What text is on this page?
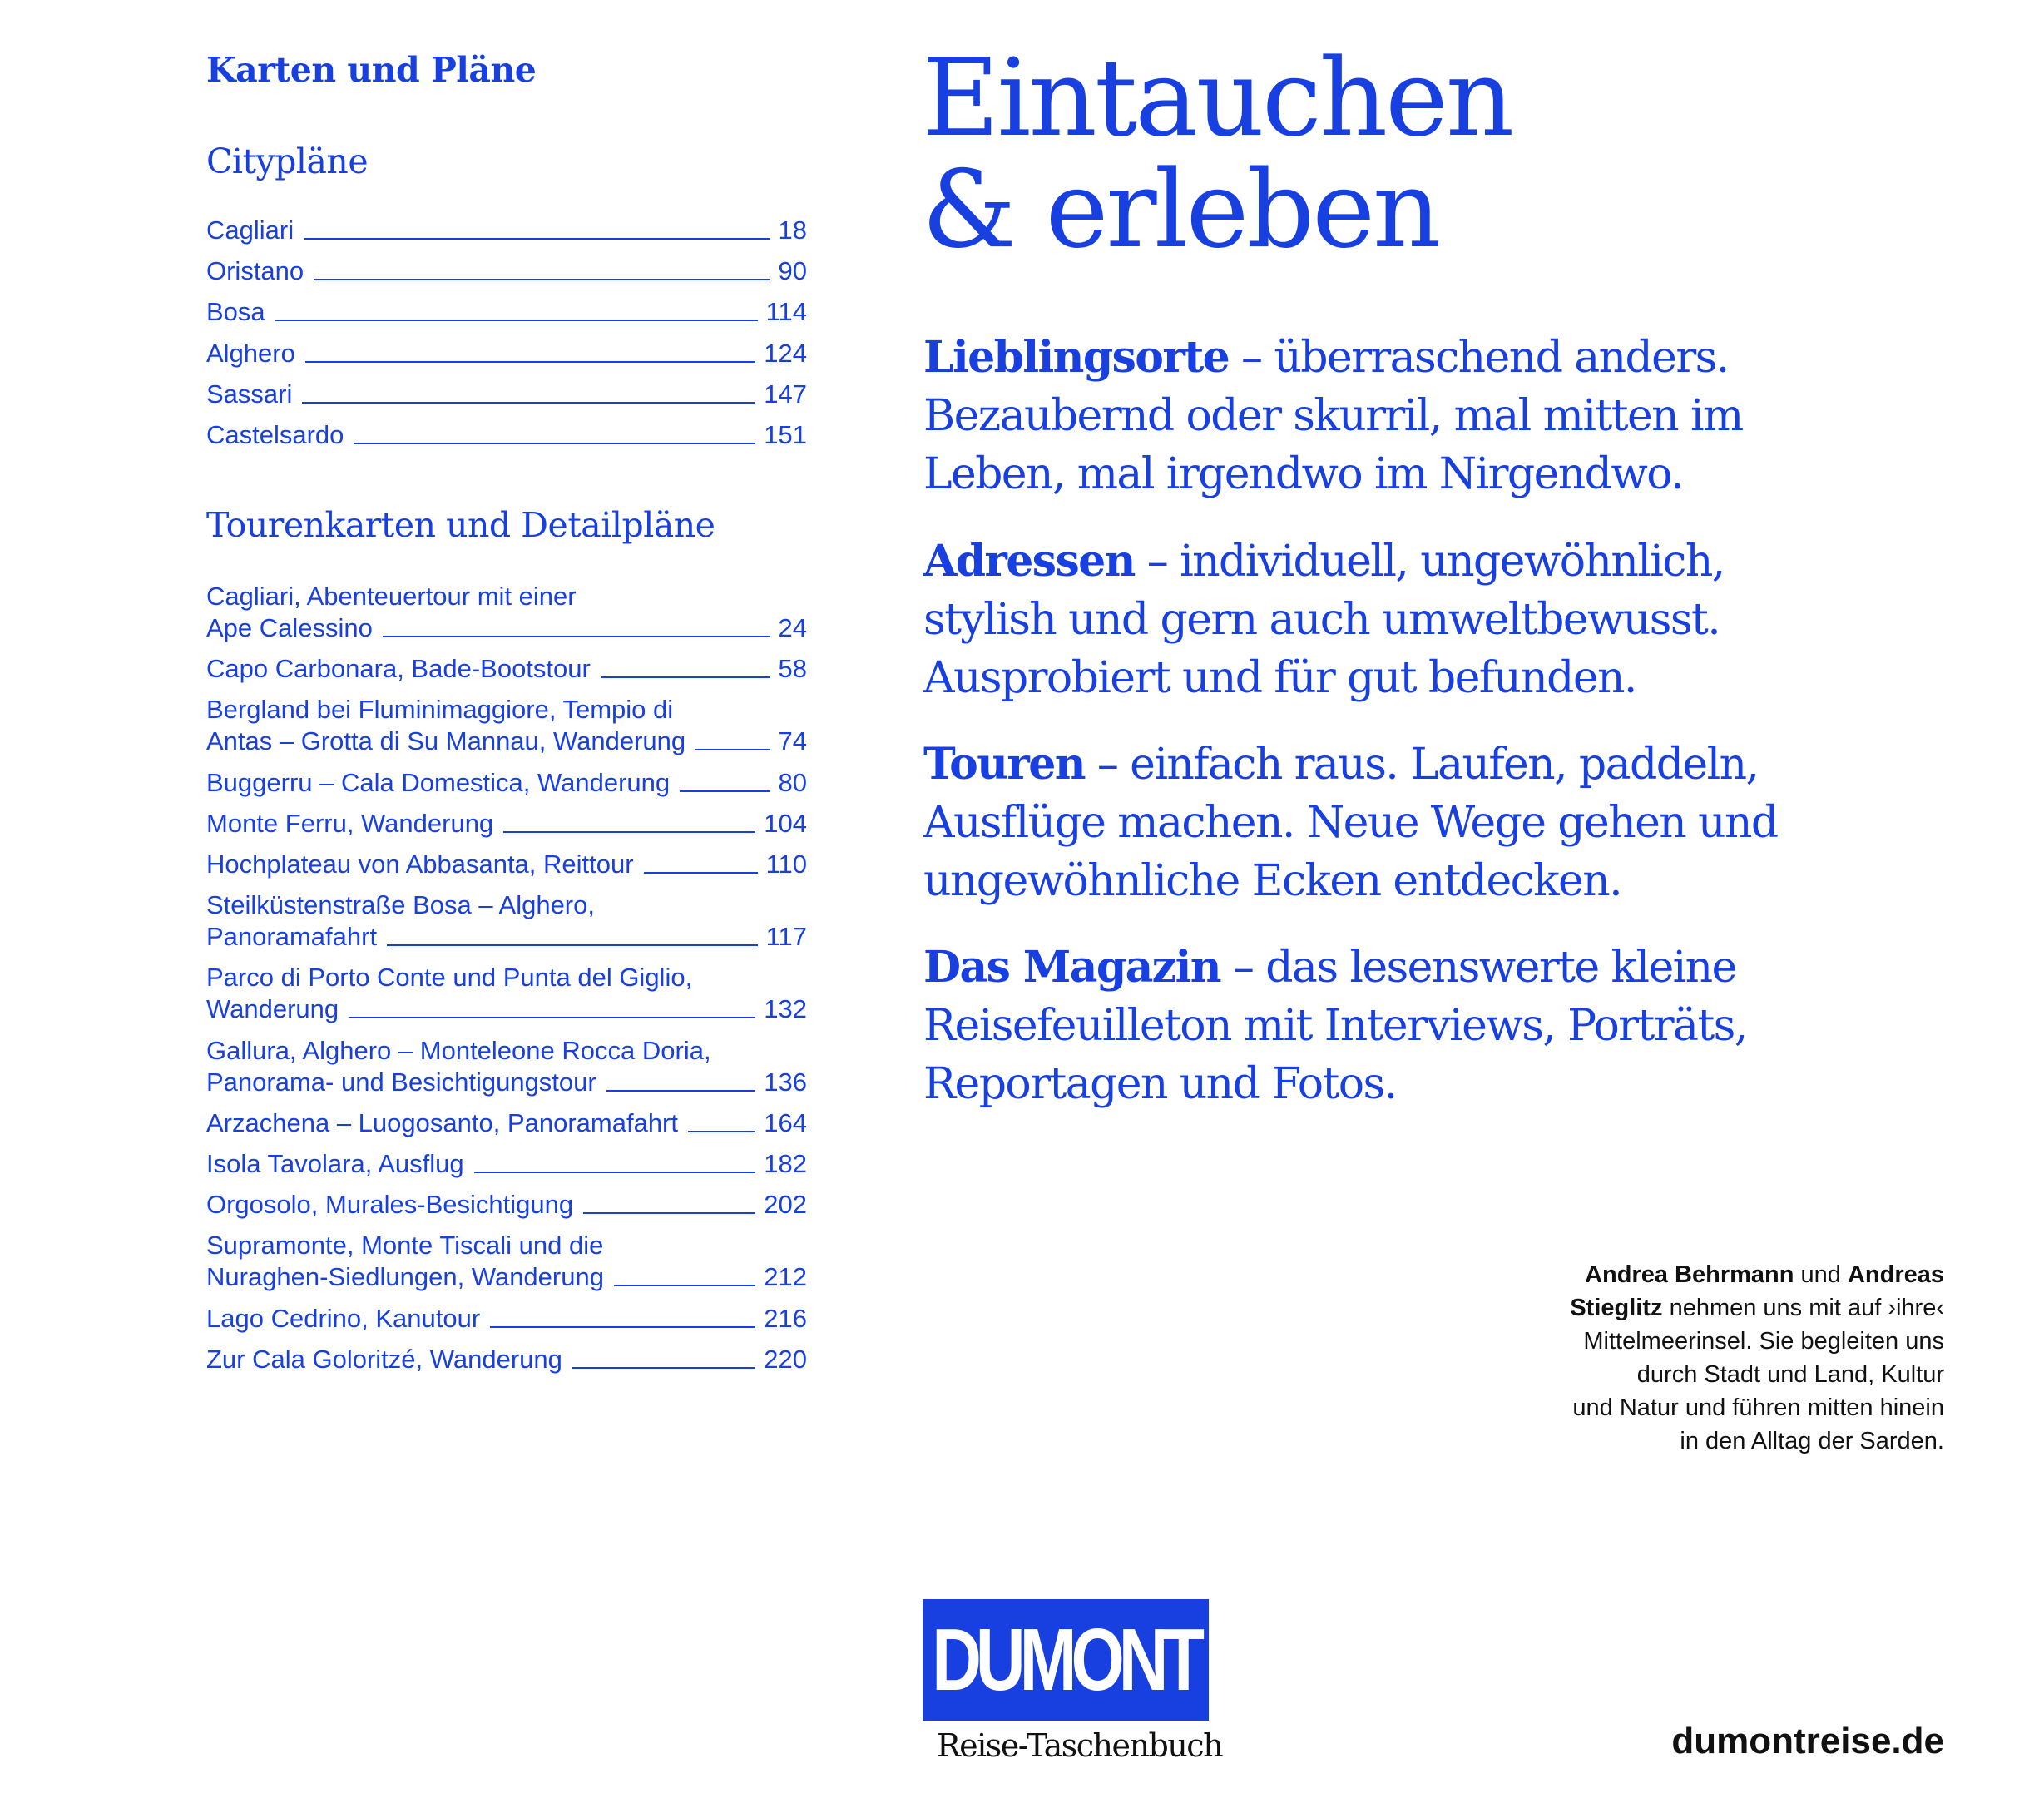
Karten und Pläne
Citypläne
Cagliari	18
Oristano	90
Bosa	114
Alghero	124
Sassari	147
Castelsardo	151
Tourenkarten und Detailpläne
Cagliari, Abenteuertour mit einer
Ape Calessino	24
Capo Carbonara, Bade-Bootstour	58
Bergland bei Fluminimaggiore, Tempio di
Antas – Grotta di Su Mannau, Wanderung	74
Buggerru – Cala Domestica, Wanderung	80
Monte Ferru, Wanderung	104
Hochplateau von Abbasanta, Reittour	110
Steilküstenstraße Bosa – Alghero,
Panoramafahrt	117
Parco di Porto Conte und Punta del Giglio,
Wanderung	132
Gallura, Alghero – Monteleone Rocca Doria,
Panorama- und Besichtigungstour	136
Arzachena – Luogosanto, Panoramafahrt	164
Isola Tavolara, Ausflug	182
Orgosolo, Murales-Besichtigung	202
Supramonte, Monte Tiscali und die
Nuraghen-Siedlungen, Wanderung	212
Lago Cedrino, Kanutour	216
Zur Cala Goloritzé, Wanderung	220
Eintauchen
& erleben
Lieblingsorte – überraschend anders.
Bezaubernd oder skurril, mal mitten im
Leben, mal irgendwo im Nirgendwo.
Adressen – individuell, ungewöhnlich,
stylish und gern auch umweltbewusst.
Ausprobiert und für gut befunden.
Touren – einfach raus. Laufen, paddeln,
Ausflüge machen. Neue Wege gehen und
ungewöhnliche Ecken entdecken.
Das Magazin – das lesenswerte kleine
Reisefeuilleton mit Interviews, Porträts,
Reportagen und Fotos.
Andrea Behrmann und Andreas
Stieglitz nehmen uns mit auf ›ihre‹
Mittelmeerinsel. Sie begleiten uns
durch Stadt und Land, Kultur
und Natur und führen mitten hinein
in den Alltag der Sarden.
DUMONT
Reise-Taschenbuch	dumontreise.de
